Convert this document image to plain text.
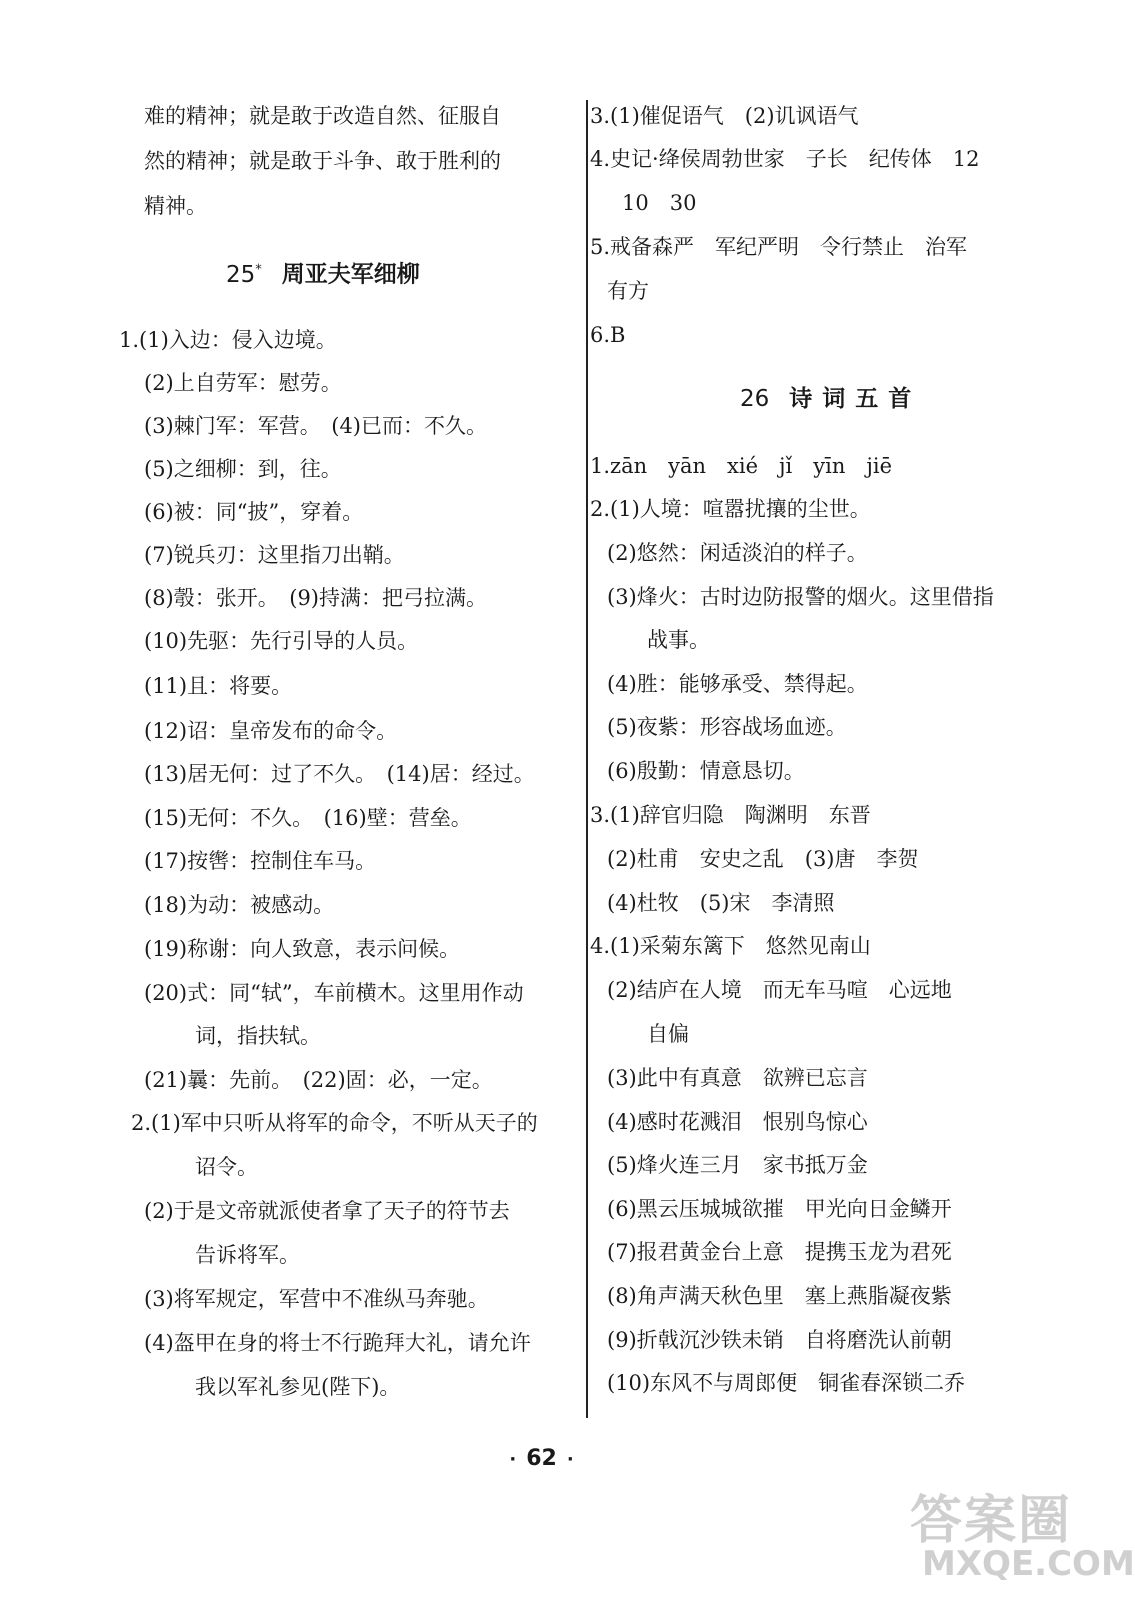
难的精神；就是敢于改造自然、征服自
然的精神；就是敢于斗争、敢于胜利的
精神。
25* 周亚夫军细柳
1.(1)入边：侵入边境。
(2)上自劳军：慰劳。
(3)棘门军：军营。　(4)已而：不久。
(5)之细柳：到，往。
(6)被：同“披”，穿着。
(7)锐兵刃：这里指刀出鞘。
(8)彀：张开。　(9)持满：把弓拉满。
(10)先驱：先行引导的人员。
(11)且：将要。
(12)诏：皇帝发布的命令。
(13)居无何：过了不久。　(14)居：经过。
(15)无何：不久。　(16)壁：营垒。
(17)按辔：控制住车马。
(18)为动：被感动。
(19)称谢：向人致意，表示问候。
(20)式：同“轼”，车前横木。这里用作动
词，指扶轼。
(21)曩：先前。　(22)固：必，一定。
2.(1)军中只听从将军的命令，不听从天子的
诏令。
(2)于是文帝就派使者拿了天子的符节去
告诉将军。
(3)将军规定，军营中不准纵马奔驰。
(4)盔甲在身的将士不行跪拜大礼，请允许
我以军礼参见(陛下)。
3.(1)催促语气　(2)讥讽语气
4.史记·绛侯周勃世家　子长　纪传体　12
10　30
5.戒备森严　军纪严明　令行禁止　治军
有方
6.B
26 诗词五首
1.zān　yān　xié　jǐ　yīn　jiē
2.(1)人境：喧嚣扰攘的尘世。
(2)悠然：闲适淡泊的样子。
(3)烽火：古时边防报警的烟火。这里借指
战事。
(4)胜：能够承受、禁得起。
(5)夜紫：形容战场血迹。
(6)殷勤：情意恳切。
3.(1)辞官归隐　陶渊明　东晋
(2)杜甫　安史之乱　(3)唐　李贺
(4)杜牧　(5)宋　李清照
4.(1)采菊东篱下　悠然见南山
(2)结庐在人境　而无车马喧　心远地
自偏
(3)此中有真意　欲辨已忘言
(4)感时花溅泪　恨别鸟惊心
(5)烽火连三月　家书抵万金
(6)黑云压城城欲摧　甲光向日金鳞开
(7)报君黄金台上意　提携玉龙为君死
(8)角声满天秋色里　塞上燕脂凝夜紫
(9)折戟沉沙铁未销　自将磨洗认前朝
(10)东风不与周郎便　铜雀春深锁二乔
· 62 ·
答案圈
MXQE.COM
